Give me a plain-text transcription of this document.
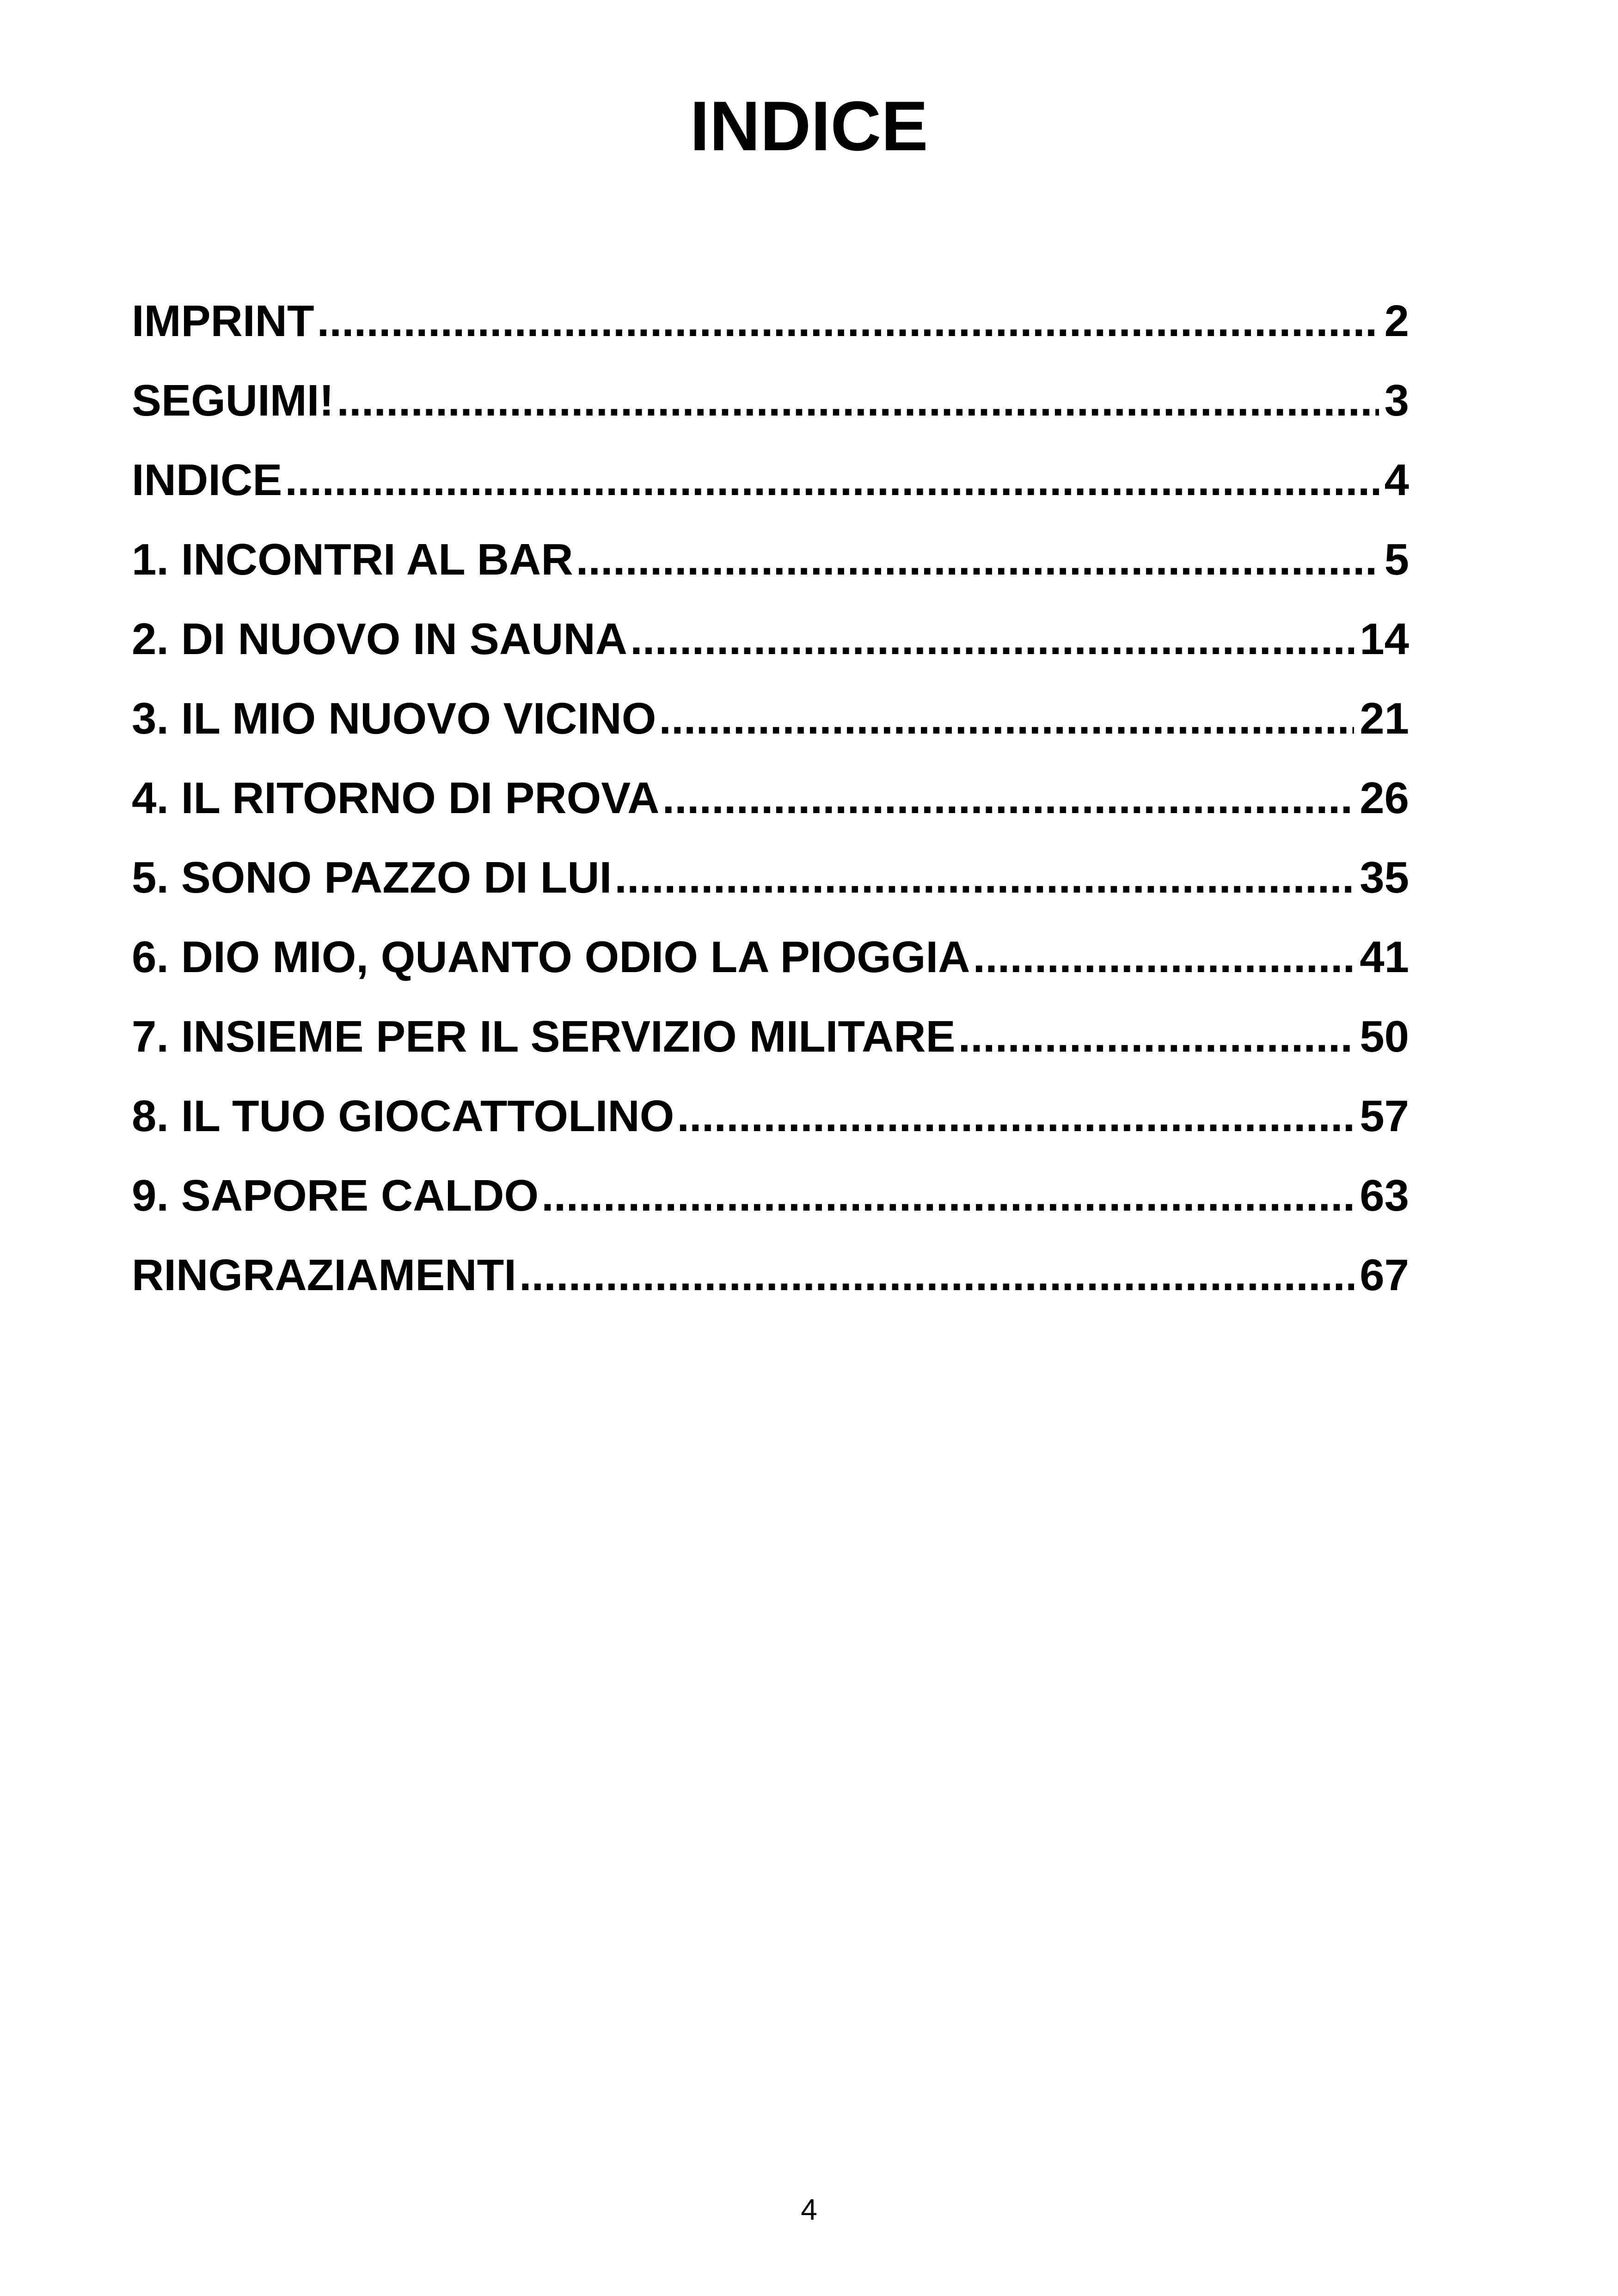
INDICE
IMPRINT .....	2
SEGUIMI! .....	3
INDICE .....	4
1. INCONTRI AL BAR .....	5
2. DI NUOVO IN SAUNA .....	14
3. IL MIO NUOVO VICINO .....	21
4. IL RITORNO DI PROVA .....	26
5. SONO PAZZO DI LUI .....	35
6. DIO MIO, QUANTO ODIO LA PIOGGIA .....	41
7. INSIEME PER IL SERVIZIO MILITARE .....	50
8. IL TUO GIOCATTOLINO .....	57
9. SAPORE CALDO .....	63
RINGRAZIAMENTI .....	67
4
